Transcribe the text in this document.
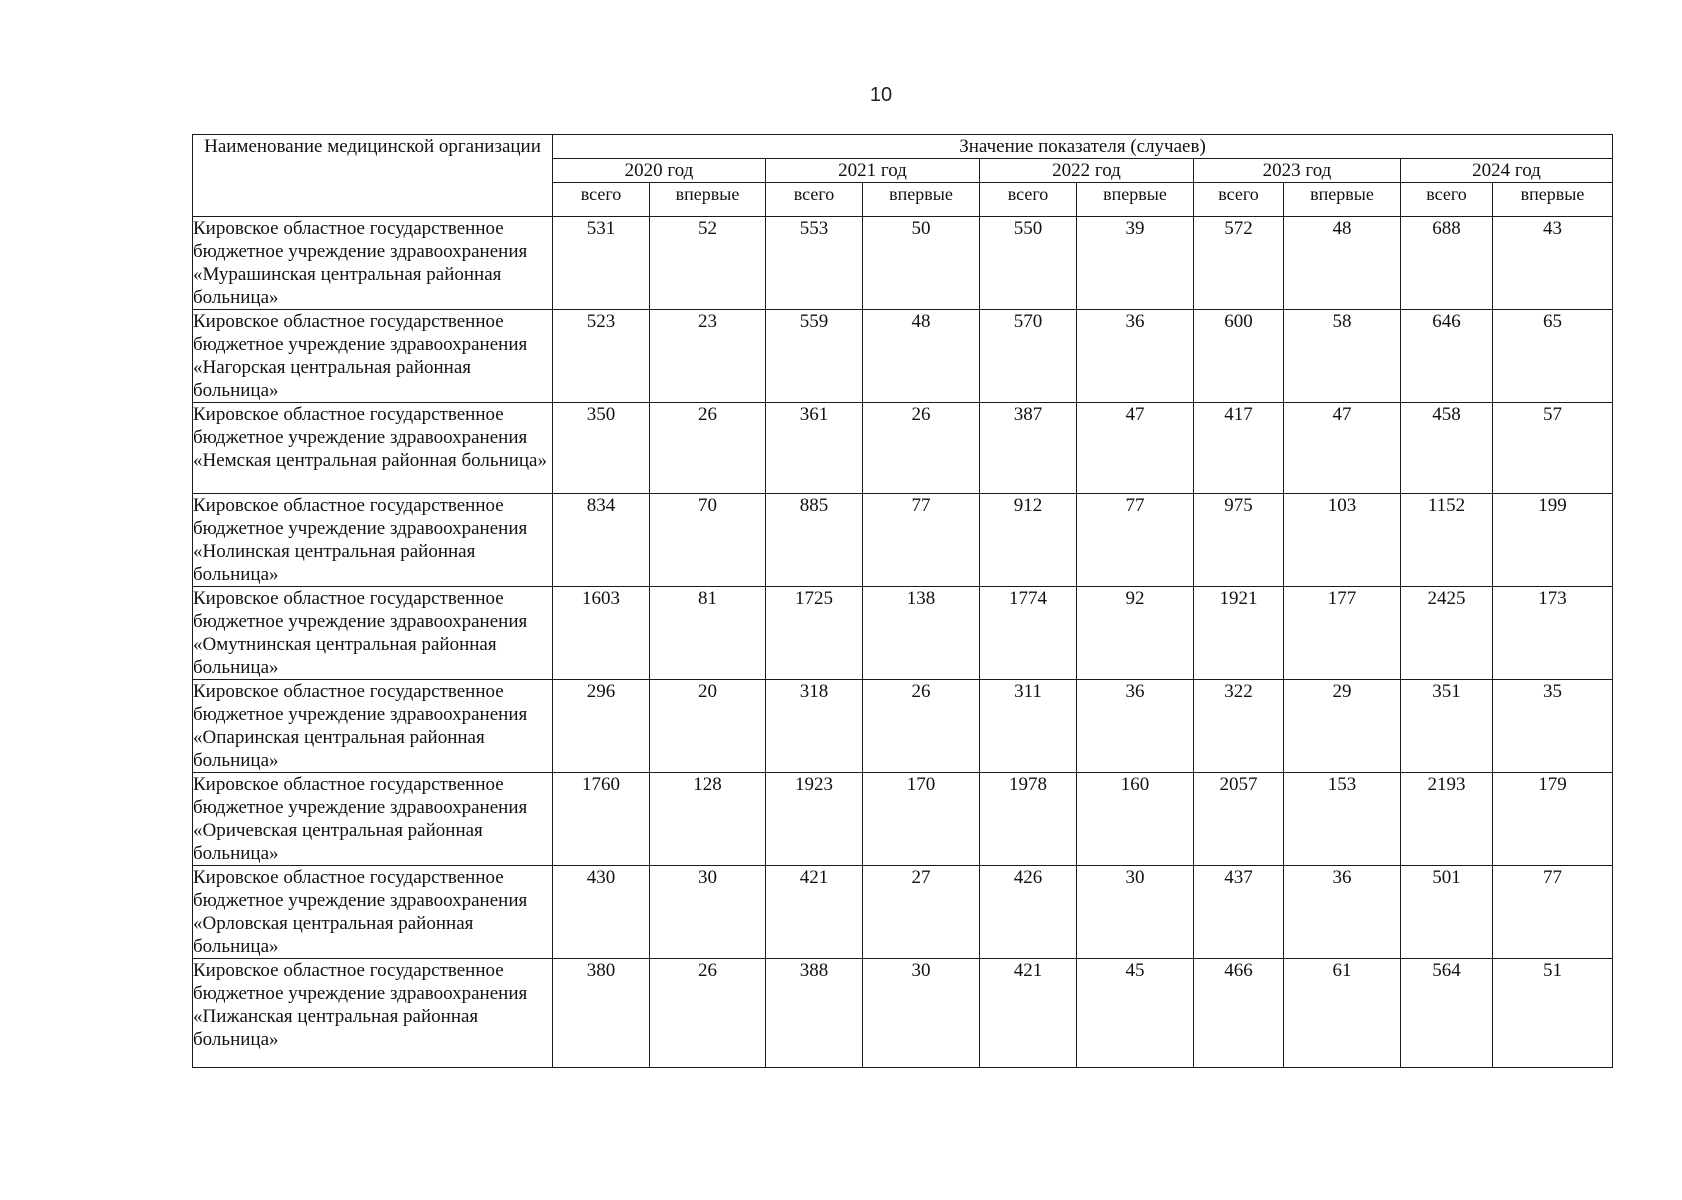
10
Наименование медицинской организации	Значение показателя (случаев)									
	2020 год		2021 год		2022 год		2023 год		2024 год	
	всего	впервые	всего	впервые	всего	впервые	всего	впервые	всего	впервые
Кировское областное государственное бюджетное учреждение здравоохранения «Мурашинская центральная районная больница»	531	52	553	50	550	39	572	48	688	43
Кировское областное государственное бюджетное учреждение здравоохранения «Нагорская центральная районная больница»	523	23	559	48	570	36	600	58	646	65
Кировское областное государственное бюджетное учреждение здравоохранения «Немская центральная районная больница»	350	26	361	26	387	47	417	47	458	57
Кировское областное государственное бюджетное учреждение здравоохранения «Нолинская центральная районная больница»	834	70	885	77	912	77	975	103	1152	199
Кировское областное государственное бюджетное учреждение здравоохранения «Омутнинская центральная районная больница»	1603	81	1725	138	1774	92	1921	177	2425	173
Кировское областное государственное бюджетное учреждение здравоохранения «Опаринская центральная районная больница»	296	20	318	26	311	36	322	29	351	35
Кировское областное государственное бюджетное учреждение здравоохранения «Оричевская центральная районная больница»	1760	128	1923	170	1978	160	2057	153	2193	179
Кировское областное государственное бюджетное учреждение здравоохранения «Орловская центральная районная больница»	430	30	421	27	426	30	437	36	501	77
Кировское областное государственное бюджетное учреждение здравоохранения «Пижанская центральная районная больница»	380	26	388	30	421	45	466	61	564	51
